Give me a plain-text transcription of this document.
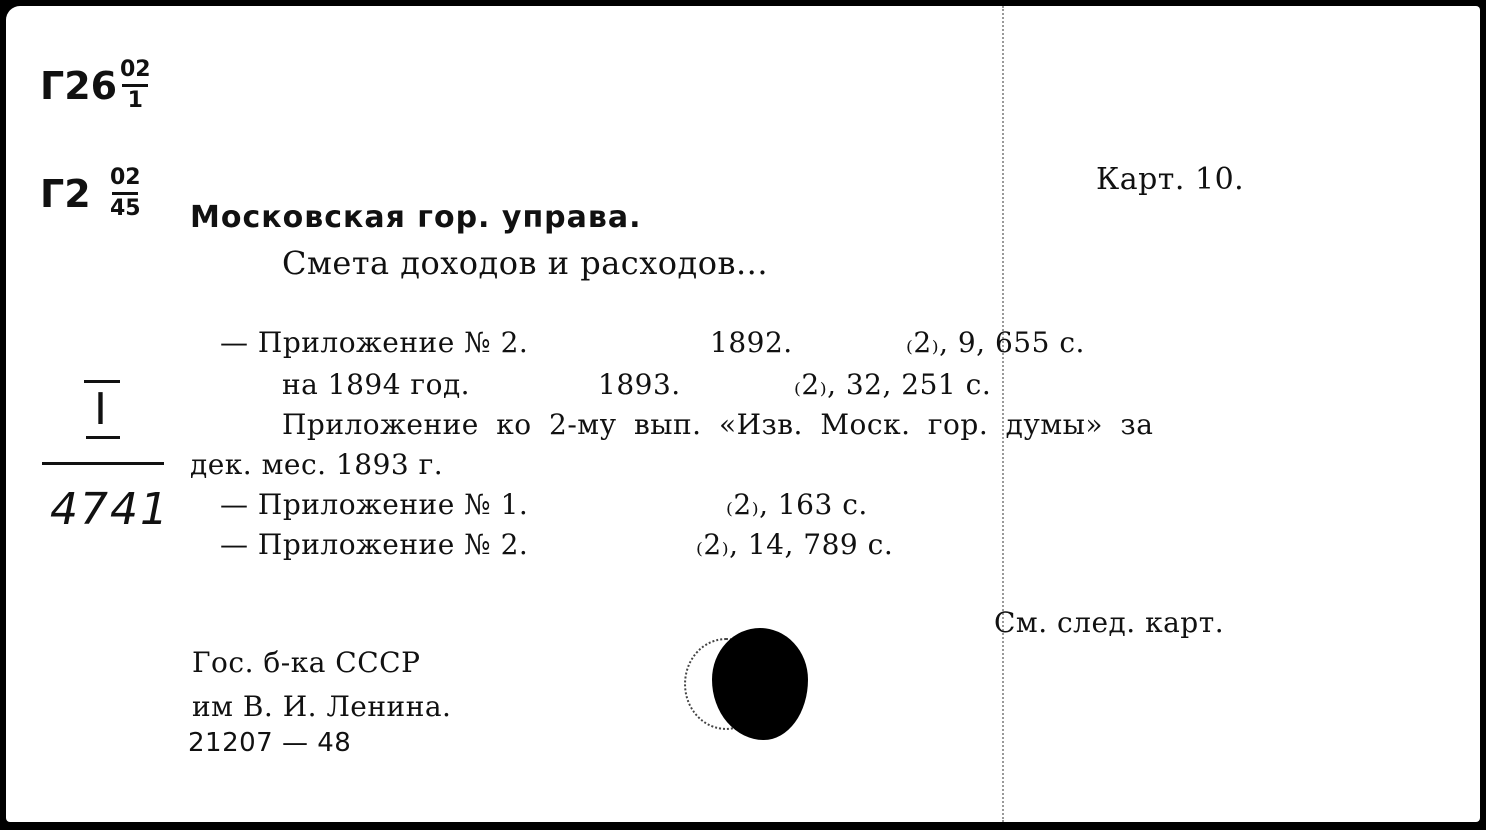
Г26 02
1
Г2 02
45
I
4741
Карт. 10.
Московская гор. управа.
Смета доходов и расходов...
— Приложение № 2.	1892.	₍2₎, 9, 655 с.
на 1894 год.	1893.	₍2₎, 32, 251 с.
Приложение ко 2-му вып. «Изв. Моск. гор. думы» за
дек. мес. 1893 г.
— Приложение № 1.	₍2₎, 163 с.
— Приложение № 2.	₍2₎, 14, 789 с.
См. след. карт.
Гос. б-ка СССР
им В. И. Ленина.
21207 — 48
